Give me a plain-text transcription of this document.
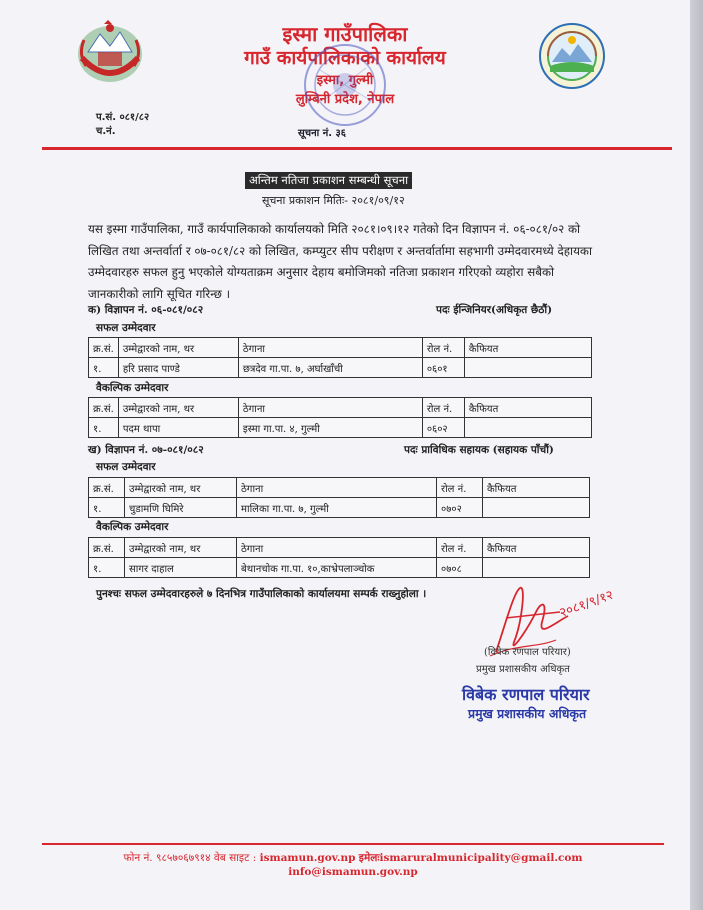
इस्मा गाउँपालिका
गाउँ कार्यपालिकाको कार्यालय
इस्मा, गुल्मी
लुम्बिनी प्रदेश, नेपाल
प.सं. ०८१/८२
च.नं.	सूचना नं. ३६
अन्तिम नतिजा प्रकाशन सम्बन्धी सूचना
सूचना प्रकाशन मितिः- २०८१/०९/१२
यस इस्मा गाउँपालिका, गाउँ कार्यपालिकाको कार्यालयको मिति २०८१।०९।१२ गतेको दिन विज्ञापन नं. ०६-०८१/०२ को लिखित तथा अन्तर्वार्ता र ०७-०८१/८२ को लिखित, कम्प्युटर सीप परीक्षण र अन्तर्वार्तामा सहभागी उम्मेदवारमध्ये देहायका उम्मेदवारहरु सफल हुनु भएकोले योग्यताक्रम अनुसार देहाय बमोजिमको नतिजा प्रकाशन गरिएको व्यहोरा सबैको जानकारीको लागि सूचित गरिन्छ ।
क) विज्ञापन नं. ०६-०८१/०८२	पदः ईन्जिनियर(अधिकृत छैठौं)
सफल उम्मेदवार
क्र.सं.	उम्मेद्वारको नाम, थर	ठेगाना	रोल नं.	कैफियत
१.	हरि प्रसाद पाण्डे	छत्रदेव गा.पा. ७, अर्घाखाँची	०६०१	
वैकल्पिक उम्मेदवार
क्र.सं.	उम्मेद्वारको नाम, थर	ठेगाना	रोल नं.	कैफियत
१.	पदम थापा	इस्मा गा.पा. ४, गुल्मी	०६०२	
ख) विज्ञापन नं. ०७-०८१/०८२	पदः प्राविधिक सहायक (सहायक पाँचौं)
सफल उम्मेदवार
क्र.सं.	उम्मेद्वारको नाम, थर	ठेगाना	रोल नं.	कैफियत
१.	चुडामणि घिमिरे	मालिका गा.पा. ७, गुल्मी	०७०२	
वैकल्पिक उम्मेदवार
क्र.सं.	उम्मेद्वारको नाम, थर	ठेगाना	रोल नं.	कैफियत
१.	सागर दाहाल	बेथानचोक गा.पा. १०,काभ्रेपलाञ्चोक	०७०८	
पुनश्चः सफल उम्मेदवारहरुले ७ दिनभित्र गाउँपालिकाको कार्यालयमा सम्पर्क राख्नुहोला ।	२०८१/९/१२
(विवेक रणपाल परियार)
प्रमुख प्रशासकीय अधिकृत
विबेक रणपाल परियार
प्रमुख प्रशासकीय अधिकृत
फोन नं. ९८५७०६७९१४ वेब साइट : ismamun.gov.np इमेलःismaruralmunicipality@gmail.com
info@ismamun.gov.np
